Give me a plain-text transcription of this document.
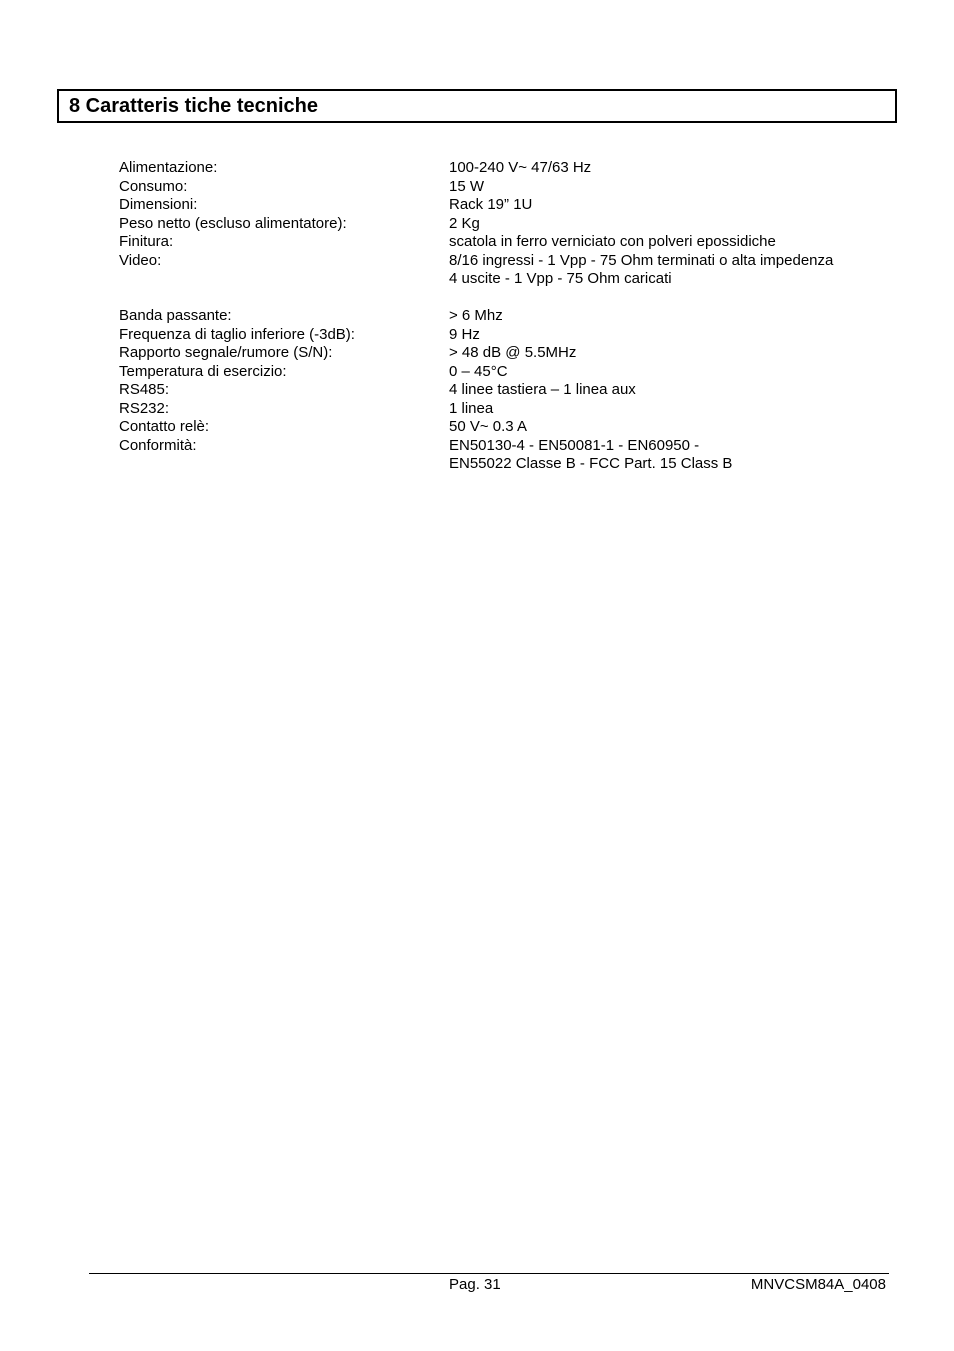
8 Caratteris tiche tecniche
Alimentazione:	100-240 V~ 47/63 Hz
Consumo:	15 W
Dimensioni:	Rack 19” 1U
Peso netto (escluso alimentatore):	2 Kg
Finitura:	scatola in ferro verniciato con polveri epossidiche
Video:	8/16 ingressi - 1 Vpp - 75 Ohm terminati o alta impedenza
4 uscite - 1 Vpp - 75 Ohm caricati
Banda passante:	> 6 Mhz
Frequenza di taglio inferiore (-3dB):	9 Hz
Rapporto segnale/rumore (S/N):	> 48 dB @ 5.5MHz
Temperatura di esercizio:	0 – 45°C
RS485:	4 linee tastiera – 1 linea aux
RS232:	1 linea
Contatto relè:	50 V~ 0.3 A
Conformità:	EN50130-4 - EN50081-1 - EN60950 -
EN55022 Classe B - FCC Part. 15 Class B
Pag. 31	MNVCSM84A_0408
